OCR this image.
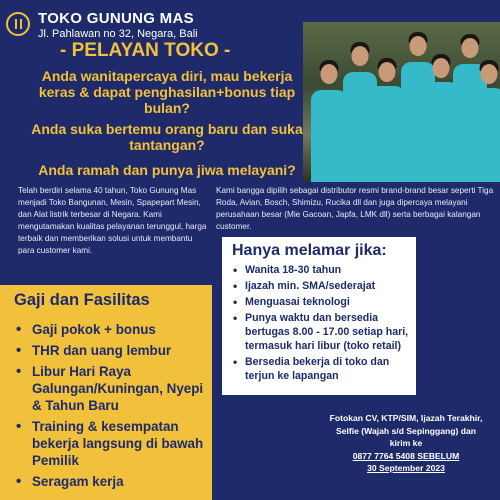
TOKO GUNUNG MAS
Jl. Pahlawan no 32, Negara, Bali
- PELAYAN TOKO -
Anda wanitapercaya diri, mau bekerja keras & dapat penghasilan+bonus tiap bulan?
Anda suka bertemu orang baru dan suka tantangan?
Anda ramah dan punya jiwa melayani?
Telah berdiri selama 40 tahun, Toko Gunung Mas menjadi Toko Bangunan, Mesin, Spapepart Mesin, dan Alat listrik terbesar di Negara. Kami mengutamakan kualitas pelayanan terunggul, harga terbaik dan memberikan solusi untuk membantu para customer kami.
Kami bangga dipilih sebagai distributor resmi brand-brand besar seperti Tiga Roda, Avian, Bosch, Shimizu, Rucika dll dan juga dipercaya melayani perusahaan besar (Mie Gacoan, Japfa, LMK dll) serta berbagai kalangan customer.
Hanya melamar jika:
• Wanita 18-30 tahun
• Ijazah min. SMA/sederajat
• Menguasai teknologi
• Punya waktu dan bersedia bertugas 8.00 - 17.00 setiap hari, termasuk hari libur (toko retail)
• Bersedia bekerja di toko dan terjun ke lapangan
Gaji dan Fasilitas
• Gaji pokok + bonus
• THR dan uang lembur
• Libur Hari Raya Galungan/Kuningan, Nyepi & Tahun Baru
• Training & kesempatan bekerja langsung di bawah Pemilik
• Seragam kerja
Fotokan CV, KTP/SIM, Ijazah Terakhir,
Selfie (Wajah s/d Sepinggang) dan
kirim ke
0877 7764 5408 SEBELUM
30 September 2023
